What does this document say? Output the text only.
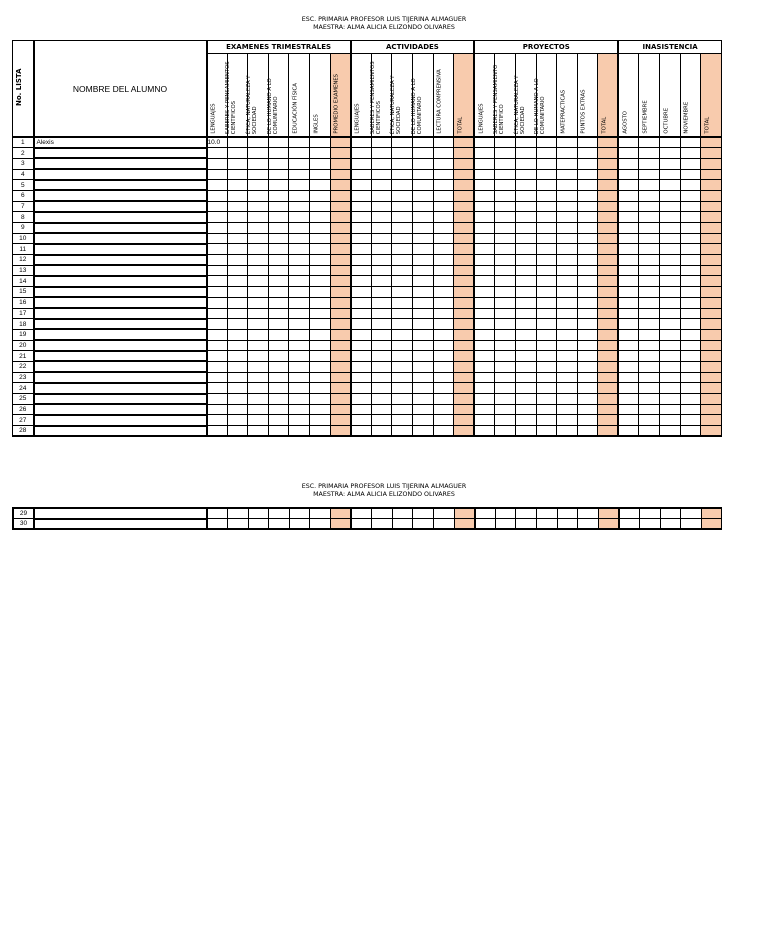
ESC. PRIMARIA PROFESOR LUIS TIJERINA ALMAGUER
MAESTRA: ALMA ALICIA ELIZONDO OLIVARES
No. LISTA	NOMBRE DEL ALUMNO	EXAMENES TRIMESTRALES							ACTIVIDADES						PROYECTOS							INASISTENCIA				

		LENGUAJES	SABERES Y PENSAMIENTOS CIENTIFICOS	ÉTICA, NATURALEZA Y SOCIEDAD	DE LO HUMANO A LO COMUNITARIO	EDUCACIÓN FÍSICA	INGLES	PROMEDIO EXAMENES	LENGUAJES	SABERES Y PENSAMIENTOS CIENTIFICOS	ÉTICA, NATURALEZA Y SOCIEDAD	DE LO HUMANO A LO COMUNITARIO	LECTURA COMPRENSIVA	TOTAL	LENGUAJES	SABERES Y PENSAMIENTO CIENTIFICO	ÉTICA, NATURALEZA Y SOCIEDAD	DE LO HUMANO A LO COMUNITARIO	MATEPRACTICAS	PUNTOS EXTRAS	TOTAL	AGOSTO	SEPTIEMBRE	OCTUBRE	NOVIEMBRE	TOTAL

1	Alexis	10.0																								
2																										
3																										
4																										
5																										
6																										
7																										
8																										
9																										
10																										
11																										
12																										
13																										
14																										
15																										
16																										
17																										
18																										
19																										
20																										
21																										
22																										
23																										
24																										
25																										
26																										
27																										
28																										
ESC. PRIMARIA PROFESOR LUIS TIJERINA ALMAGUER
MAESTRA: ALMA ALICIA ELIZONDO OLIVARES
29																										
30																										
